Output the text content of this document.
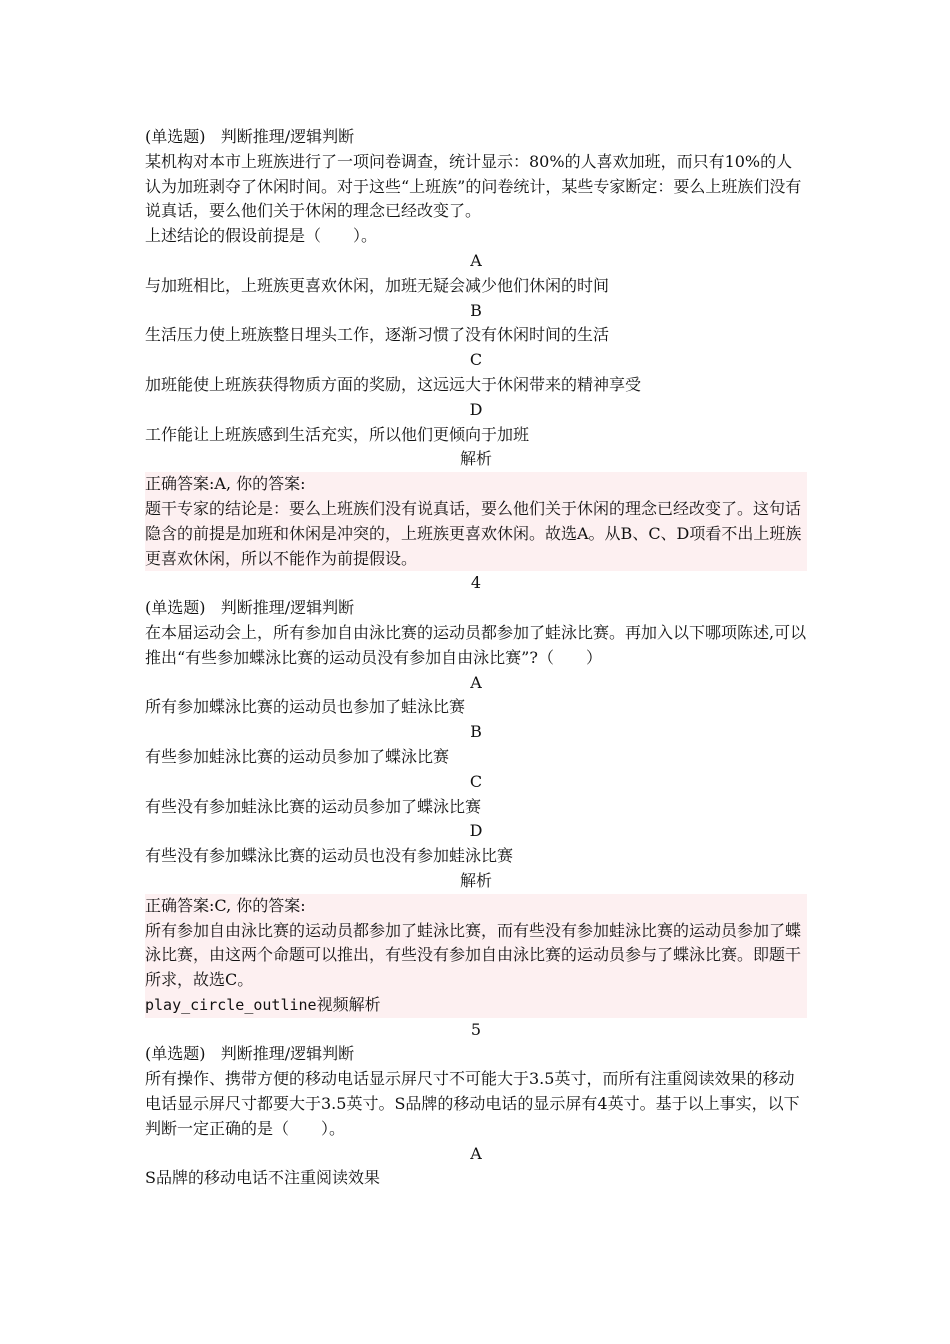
(单选题)   判断推理/逻辑判断
某机构对本市上班族进行了一项问卷调查，统计显示：80%的人喜欢加班，而只有10%的人认为加班剥夺了休闲时间。对于这些“上班族”的问卷统计，某些专家断定：要么上班族们没有说真话，要么他们关于休闲的理念已经改变了。
上述结论的假设前提是（　　）。
A
与加班相比，上班族更喜欢休闲，加班无疑会减少他们休闲的时间
B
生活压力使上班族整日埋头工作，逐渐习惯了没有休闲时间的生活
C
加班能使上班族获得物质方面的奖励，这远远大于休闲带来的精神享受
D
工作能让上班族感到生活充实，所以他们更倾向于加班
解析
正确答案:A, 你的答案:
题干专家的结论是：要么上班族们没有说真话，要么他们关于休闲的理念已经改变了。这句话隐含的前提是加班和休闲是冲突的，上班族更喜欢休闲。故选A。从B、C、D项看不出上班族更喜欢休闲，所以不能作为前提假设。
4
(单选题)   判断推理/逻辑判断
在本届运动会上，所有参加自由泳比赛的运动员都参加了蛙泳比赛。再加入以下哪项陈述,可以推出“有些参加蝶泳比赛的运动员没有参加自由泳比赛”?（　　）
A
所有参加蝶泳比赛的运动员也参加了蛙泳比赛
B
有些参加蛙泳比赛的运动员参加了蝶泳比赛
C
有些没有参加蛙泳比赛的运动员参加了蝶泳比赛
D
有些没有参加蝶泳比赛的运动员也没有参加蛙泳比赛
解析
正确答案:C, 你的答案:
所有参加自由泳比赛的运动员都参加了蛙泳比赛，而有些没有参加蛙泳比赛的运动员参加了蝶泳比赛，由这两个命题可以推出，有些没有参加自由泳比赛的运动员参与了蝶泳比赛。即题干所求，故选C。
play_circle_outline视频解析
5
(单选题)   判断推理/逻辑判断
所有操作、携带方便的移动电话显示屏尺寸不可能大于3.5英寸，而所有注重阅读效果的移动电话显示屏尺寸都要大于3.5英寸。S品牌的移动电话的显示屏有4英寸。基于以上事实，以下判断一定正确的是（　　）。
A
S品牌的移动电话不注重阅读效果
